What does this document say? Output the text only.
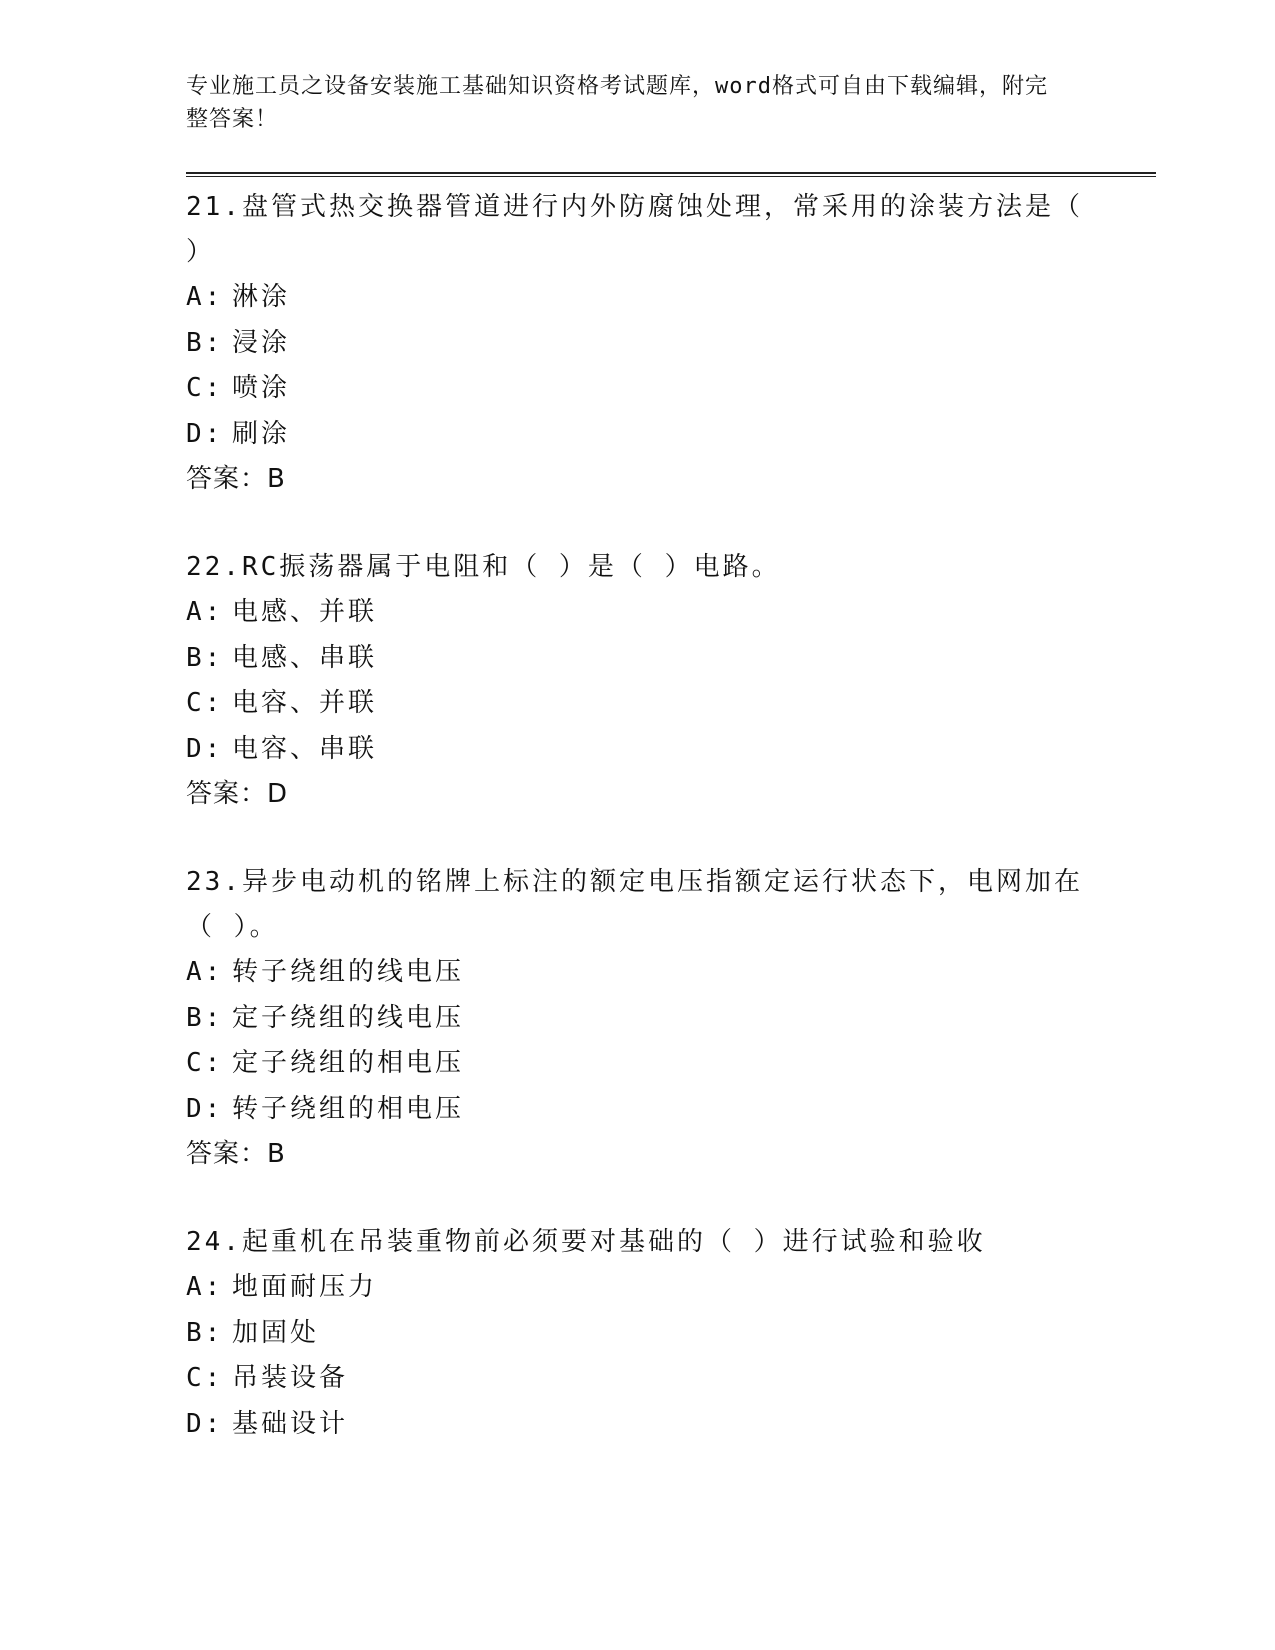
专业施工员之设备安装施工基础知识资格考试题库，word格式可自由下载编辑，附完整答案！
21.盘管式热交换器管道进行内外防腐蚀处理，常采用的涂装方法是（ ）
A: 淋涂
B: 浸涂
C: 喷涂
D: 刷涂
答案：B
22.RC振荡器属于电阻和（ ）是（ ）电路。
A: 电感、并联
B: 电感、串联
C: 电容、并联
D: 电容、串联
答案：D
23.异步电动机的铭牌上标注的额定电压指额定运行状态下，电网加在（ ）。
A: 转子绕组的线电压
B: 定子绕组的线电压
C: 定子绕组的相电压
D: 转子绕组的相电压
答案：B
24.起重机在吊装重物前必须要对基础的（ ）进行试验和验收
A: 地面耐压力
B: 加固处
C: 吊装设备
D: 基础设计
